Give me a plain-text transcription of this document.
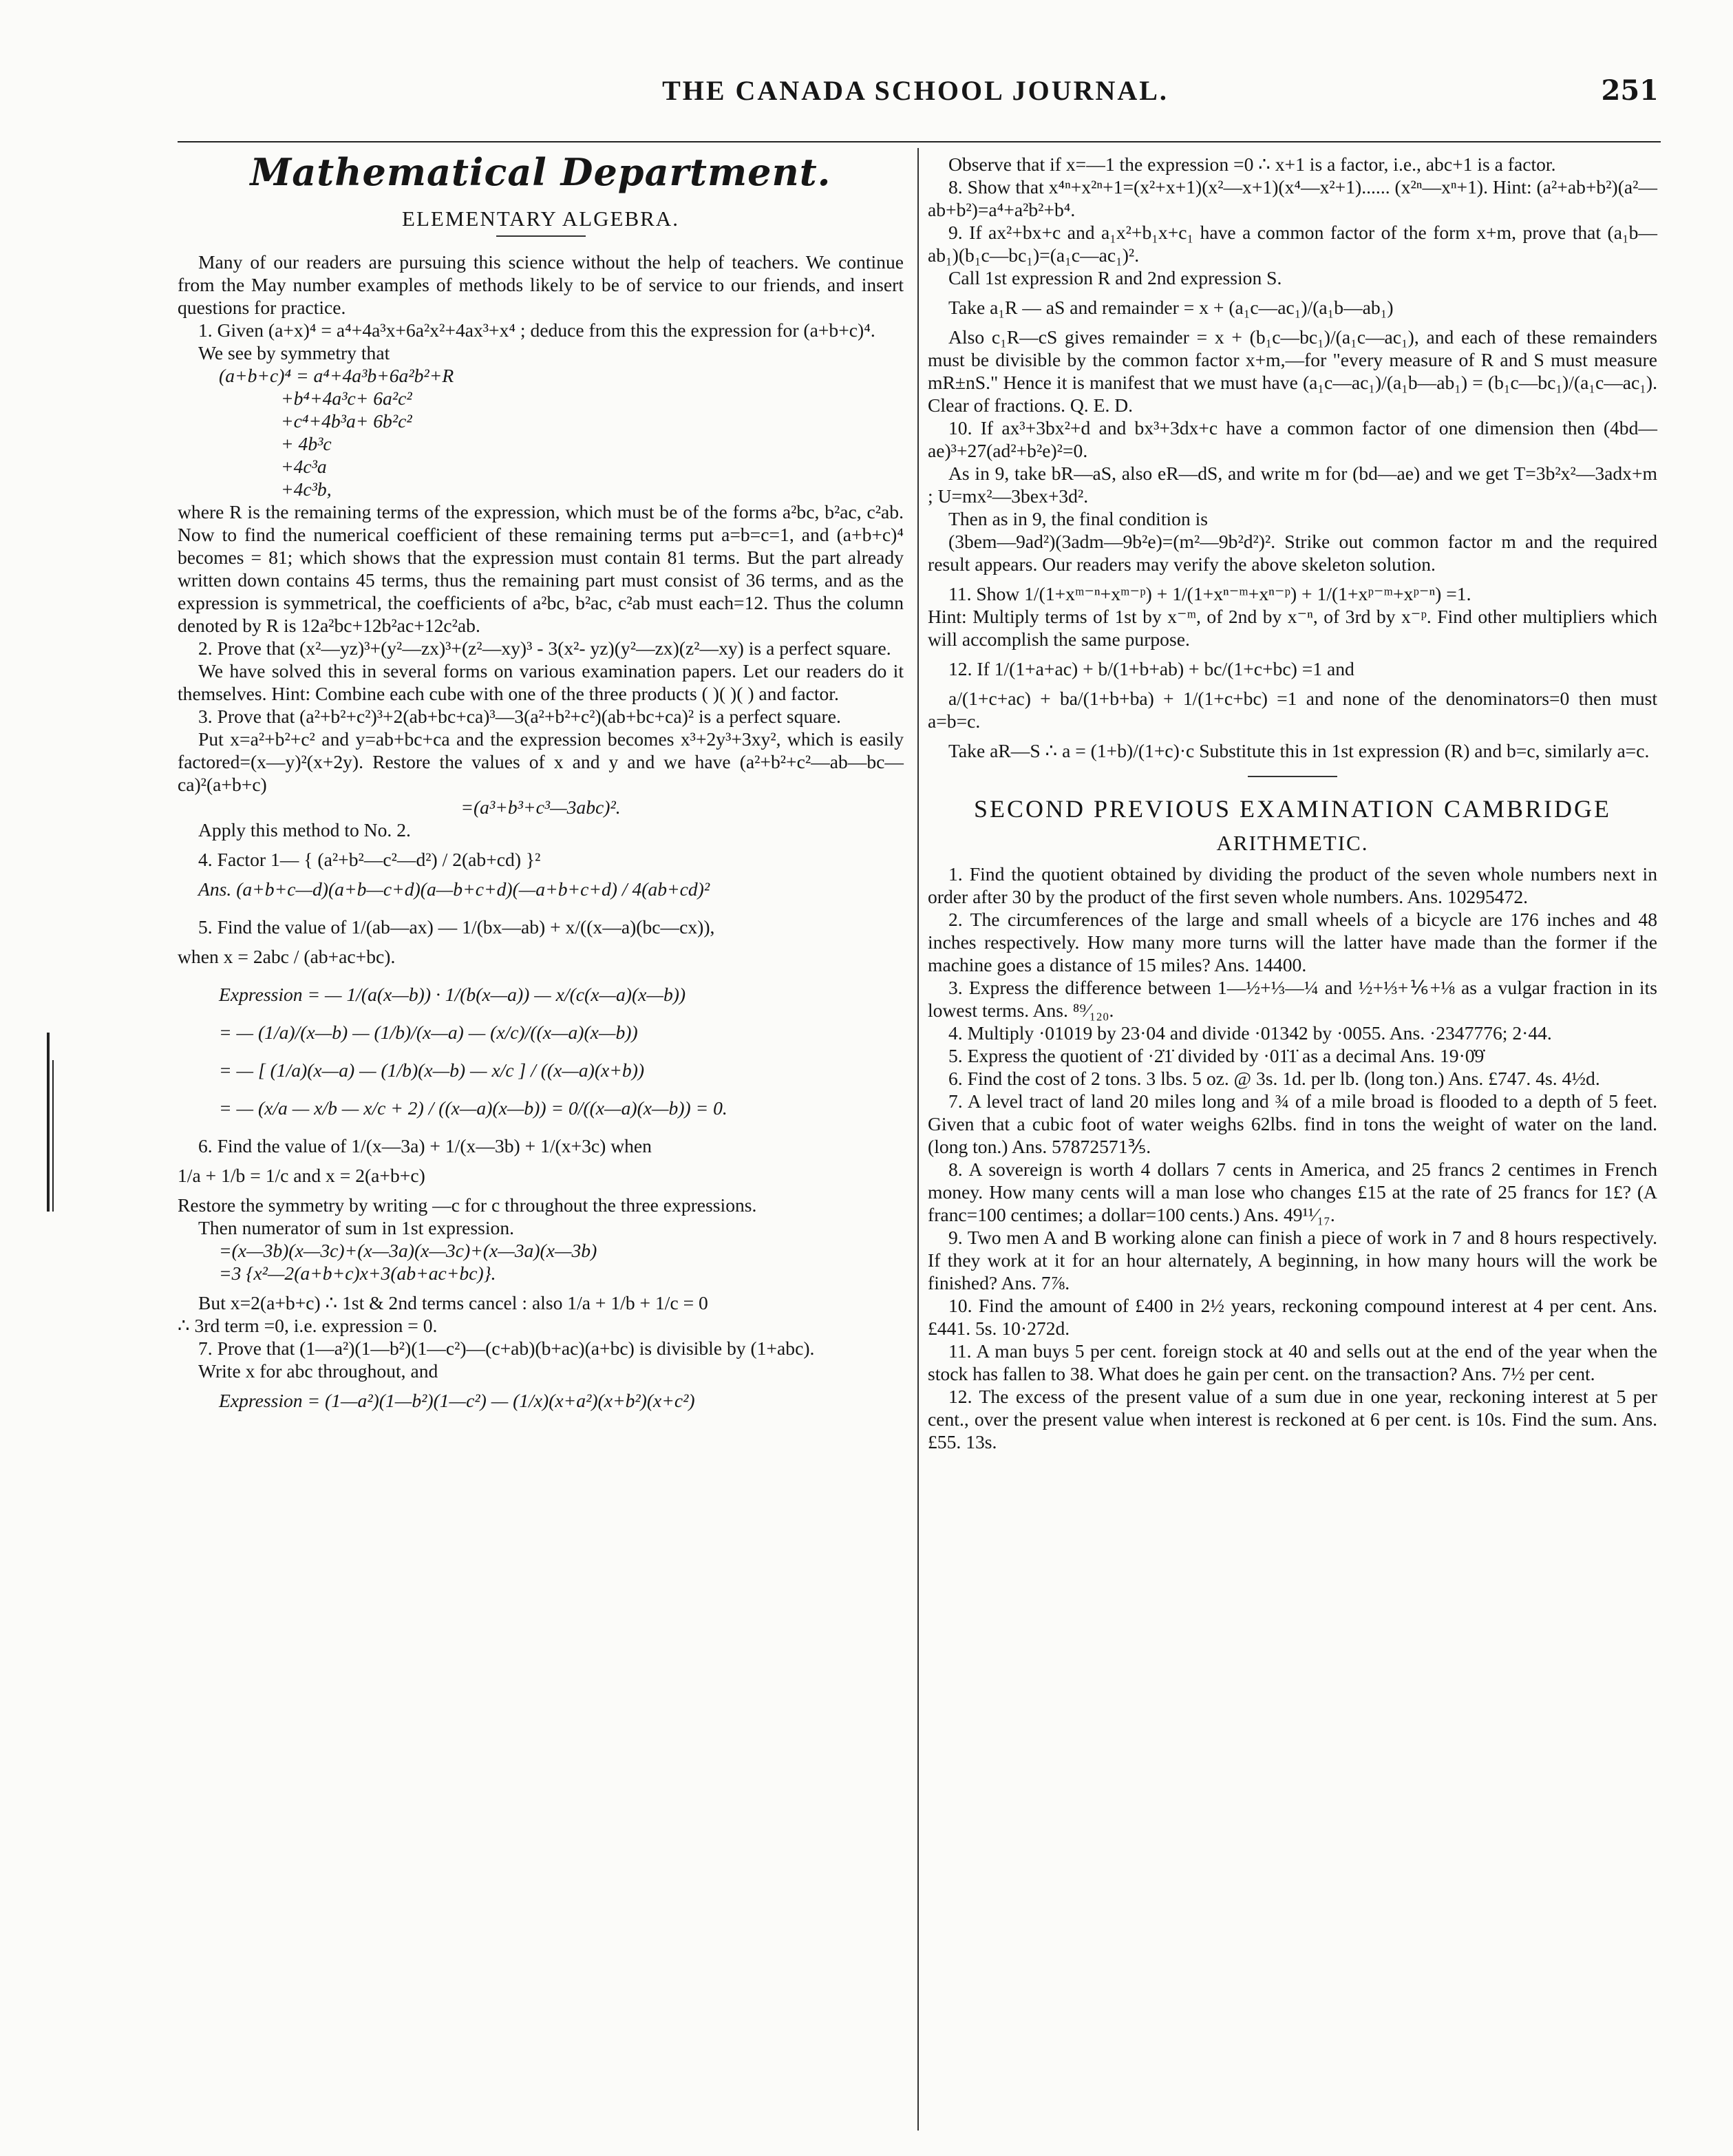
THE CANADA SCHOOL JOURNAL.	251
Mathematical Department.
ELEMENTARY ALGEBRA.

Many of our readers are pursuing this science without the help of teachers. We continue from the May number examples of methods likely to be of service to our friends, and insert questions for practice.

1. Given (a+x)⁴ = a⁴+4a³x+6a²x²+4ax³+x⁴ ; deduce from this the expression for (a+b+c)⁴.

We see by symmetry that

(a+b+c)⁴ = a⁴+4a³b+6a²b²+R
+b⁴+4a³c+ 6a²c²
+c⁴+4b³a+ 6b²c²
+ 4b³c
+4c³a
+4c³b,

where R is the remaining terms of the expression, which must be of the forms a²bc, b²ac, c²ab. Now to find the numerical coefficient of these remaining terms put a=b=c=1, and (a+b+c)⁴ becomes = 81; which shows that the expression must contain 81 terms. But the part already written down contains 45 terms, thus the remaining part must consist of 36 terms, and as the expression is symmetrical, the coefficients of a²bc, b²ac, c²ab must each=12. Thus the column denoted by R is 12a²bc+12b²ac+12c²ab.

2. Prove that (x²—yz)³+(y²—zx)³+(z²—xy)³ - 3(x²- yz)(y²—zx)(z²—xy) is a perfect square.

We have solved this in several forms on various examination papers. Let our readers do it themselves. Hint: Combine each cube with one of the three products ( )( )( ) and factor.

3. Prove that (a²+b²+c²)³+2(ab+bc+ca)³—3(a²+b²+c²)(ab+bc+ca)² is a perfect square.

Put x=a²+b²+c² and y=ab+bc+ca and the expression becomes x³+2y³+3xy², which is easily factored=(x—y)²(x+2y). Restore the values of x and y and we have (a²+b²+c²—ab—bc— ca)²(a+b+c)

=(a³+b³+c³—3abc)².

Apply this method to No. 2.

4. Factor 1— { (a²+b²—c²—d²) / 2(ab+cd) }²

Ans. (a+b+c—d)(a+b—c+d)(a—b+c+d)(—a+b+c+d) / 4(ab+cd)²

5. Find the value of 1/(ab—ax) — 1/(bx—ab) + x/((x—a)(bc—cx)),

when x = 2abc / (ab+ac+bc).

Expression = — 1/(a(x—b)) · 1/(b(x—a)) — x/(c(x—a)(x—b))
= — (1/a)/(x—b) — (1/b)/(x—a) — (x/c)/((x—a)(x—b))
= — [ (1/a)(x—a) — (1/b)(x—b) — x/c ] / ((x—a)(x+b))
= — (x/a — x/b — x/c + 2) / ((x—a)(x—b)) = 0/((x—a)(x—b)) = 0.

6. Find the value of 1/(x—3a) + 1/(x—3b) + 1/(x+3c) when

1/a + 1/b = 1/c and x = 2(a+b+c)

Restore the symmetry by writing —c for c throughout the three expressions.

Then numerator of sum in 1st expression.

=(x—3b)(x—3c)+(x—3a)(x—3c)+(x—3a)(x—3b)
=3 {x²—2(a+b+c)x+3(ab+ac+bc)}.

But x=2(a+b+c) ∴ 1st & 2nd terms cancel : also 1/a + 1/b + 1/c = 0

∴ 3rd term =0, i.e. expression = 0.

7. Prove that (1—a²)(1—b²)(1—c²)—(c+ab)(b+ac)(a+bc) is divisible by (1+abc).

Write x for abc throughout, and

Expression = (1—a²)(1—b²)(1—c²) — (1/x)(x+a²)(x+b²)(x+c²)

Observe that if x=—1 the expression =0 ∴ x+1 is a factor, i.e., abc+1 is a factor.

8. Show that x⁴ⁿ+x²ⁿ+1=(x²+x+1)(x²—x+1)(x⁴—x²+1)...... (x²ⁿ—xⁿ+1). Hint: (a²+ab+b²)(a²—ab+b²)=a⁴+a²b²+b⁴.

9. If ax²+bx+c and a₁x²+b₁x+c₁ have a common factor of the form x+m, prove that (a₁b—ab₁)(b₁c—bc₁)=(a₁c—ac₁)².

Call 1st expression R and 2nd expression S.

Take a₁R — aS and remainder = x + (a₁c—ac₁)/(a₁b—ab₁)

Also c₁R—cS gives remainder = x + (b₁c—bc₁)/(a₁c—ac₁), and each of these remainders must be divisible by the common factor x+m,—for "every measure of R and S must measure mR±nS." Hence it is manifest that we must have (a₁c—ac₁)/(a₁b—ab₁) = (b₁c—bc₁)/(a₁c—ac₁). Clear of fractions. Q. E. D.

10. If ax³+3bx²+d and bx³+3dx+c have a common factor of one dimension then (4bd—ae)³+27(ad²+b²e)²=0.

As in 9, take bR—aS, also eR—dS, and write m for (bd—ae) and we get T=3b²x²—3adx+m ; U=mx²—3bex+3d².

Then as in 9, the final condition is

(3bem—9ad²)(3adm—9b²e)=(m²—9b²d²)². Strike out common factor m and the required result appears. Our readers may verify the above skeleton solution.

11. Show 1/(1+xᵐ⁻ⁿ+xᵐ⁻ᵖ) + 1/(1+xⁿ⁻ᵐ+xⁿ⁻ᵖ) + 1/(1+xᵖ⁻ᵐ+xᵖ⁻ⁿ) =1.

Hint: Multiply terms of 1st by x⁻ᵐ, of 2nd by x⁻ⁿ, of 3rd by x⁻ᵖ. Find other multipliers which will accomplish the same purpose.

12. If 1/(1+a+ac) + b/(1+b+ab) + bc/(1+c+bc) =1 and

a/(1+c+ac) + ba/(1+b+ba) + 1/(1+c+bc) =1 and none of the denominators=0 then must a=b=c.

Take aR—S ∴ a = (1+b)/(1+c)·c Substitute this in 1st expression (R) and b=c, similarly a=c.

SECOND PREVIOUS EXAMINATION CAMBRIDGE
ARITHMETIC.

1. Find the quotient obtained by dividing the product of the seven whole numbers next in order after 30 by the product of the first seven whole numbers. Ans. 10295472.

2. The circumferences of the large and small wheels of a bicycle are 176 inches and 48 inches respectively. How many more turns will the latter have made than the former if the machine goes a distance of 15 miles? Ans. 14400.

3. Express the difference between 1—½+⅓—¼ and ½+⅓+⅙+⅛ as a vulgar fraction in its lowest terms. Ans. ⁸⁹⁄₁₂₀.

4. Multiply ·01019 by 23·04 and divide ·01342 by ·0055. Ans. ·2347776; 2·44.

5. Express the quotient of ·2̇1̇ divided by ·01̇1̇ as a decimal Ans. 19·0̇9̇

6. Find the cost of 2 tons. 3 lbs. 5 oz. @ 3s. 1d. per lb. (long ton.) Ans. £747. 4s. 4½d.

7. A level tract of land 20 miles long and ¾ of a mile broad is flooded to a depth of 5 feet. Given that a cubic foot of water weighs 62lbs. find in tons the weight of water on the land. (long ton.) Ans. 57872571⅗.

8. A sovereign is worth 4 dollars 7 cents in America, and 25 francs 2 centimes in French money. How many cents will a man lose who changes £15 at the rate of 25 francs for 1£? (A franc=100 centimes; a dollar=100 cents.) Ans. 49¹¹⁄₁₇.

9. Two men A and B working alone can finish a piece of work in 7 and 8 hours respectively. If they work at it for an hour alternately, A beginning, in how many hours will the work be finished? Ans. 7⅞.

10. Find the amount of £400 in 2½ years, reckoning compound interest at 4 per cent. Ans. £441. 5s. 10·272d.

11. A man buys 5 per cent. foreign stock at 40 and sells out at the end of the year when the stock has fallen to 38. What does he gain per cent. on the transaction? Ans. 7½ per cent.

12. The excess of the present value of a sum due in one year, reckoning interest at 5 per cent., over the present value when interest is reckoned at 6 per cent. is 10s. Find the sum. Ans. £55. 13s.
